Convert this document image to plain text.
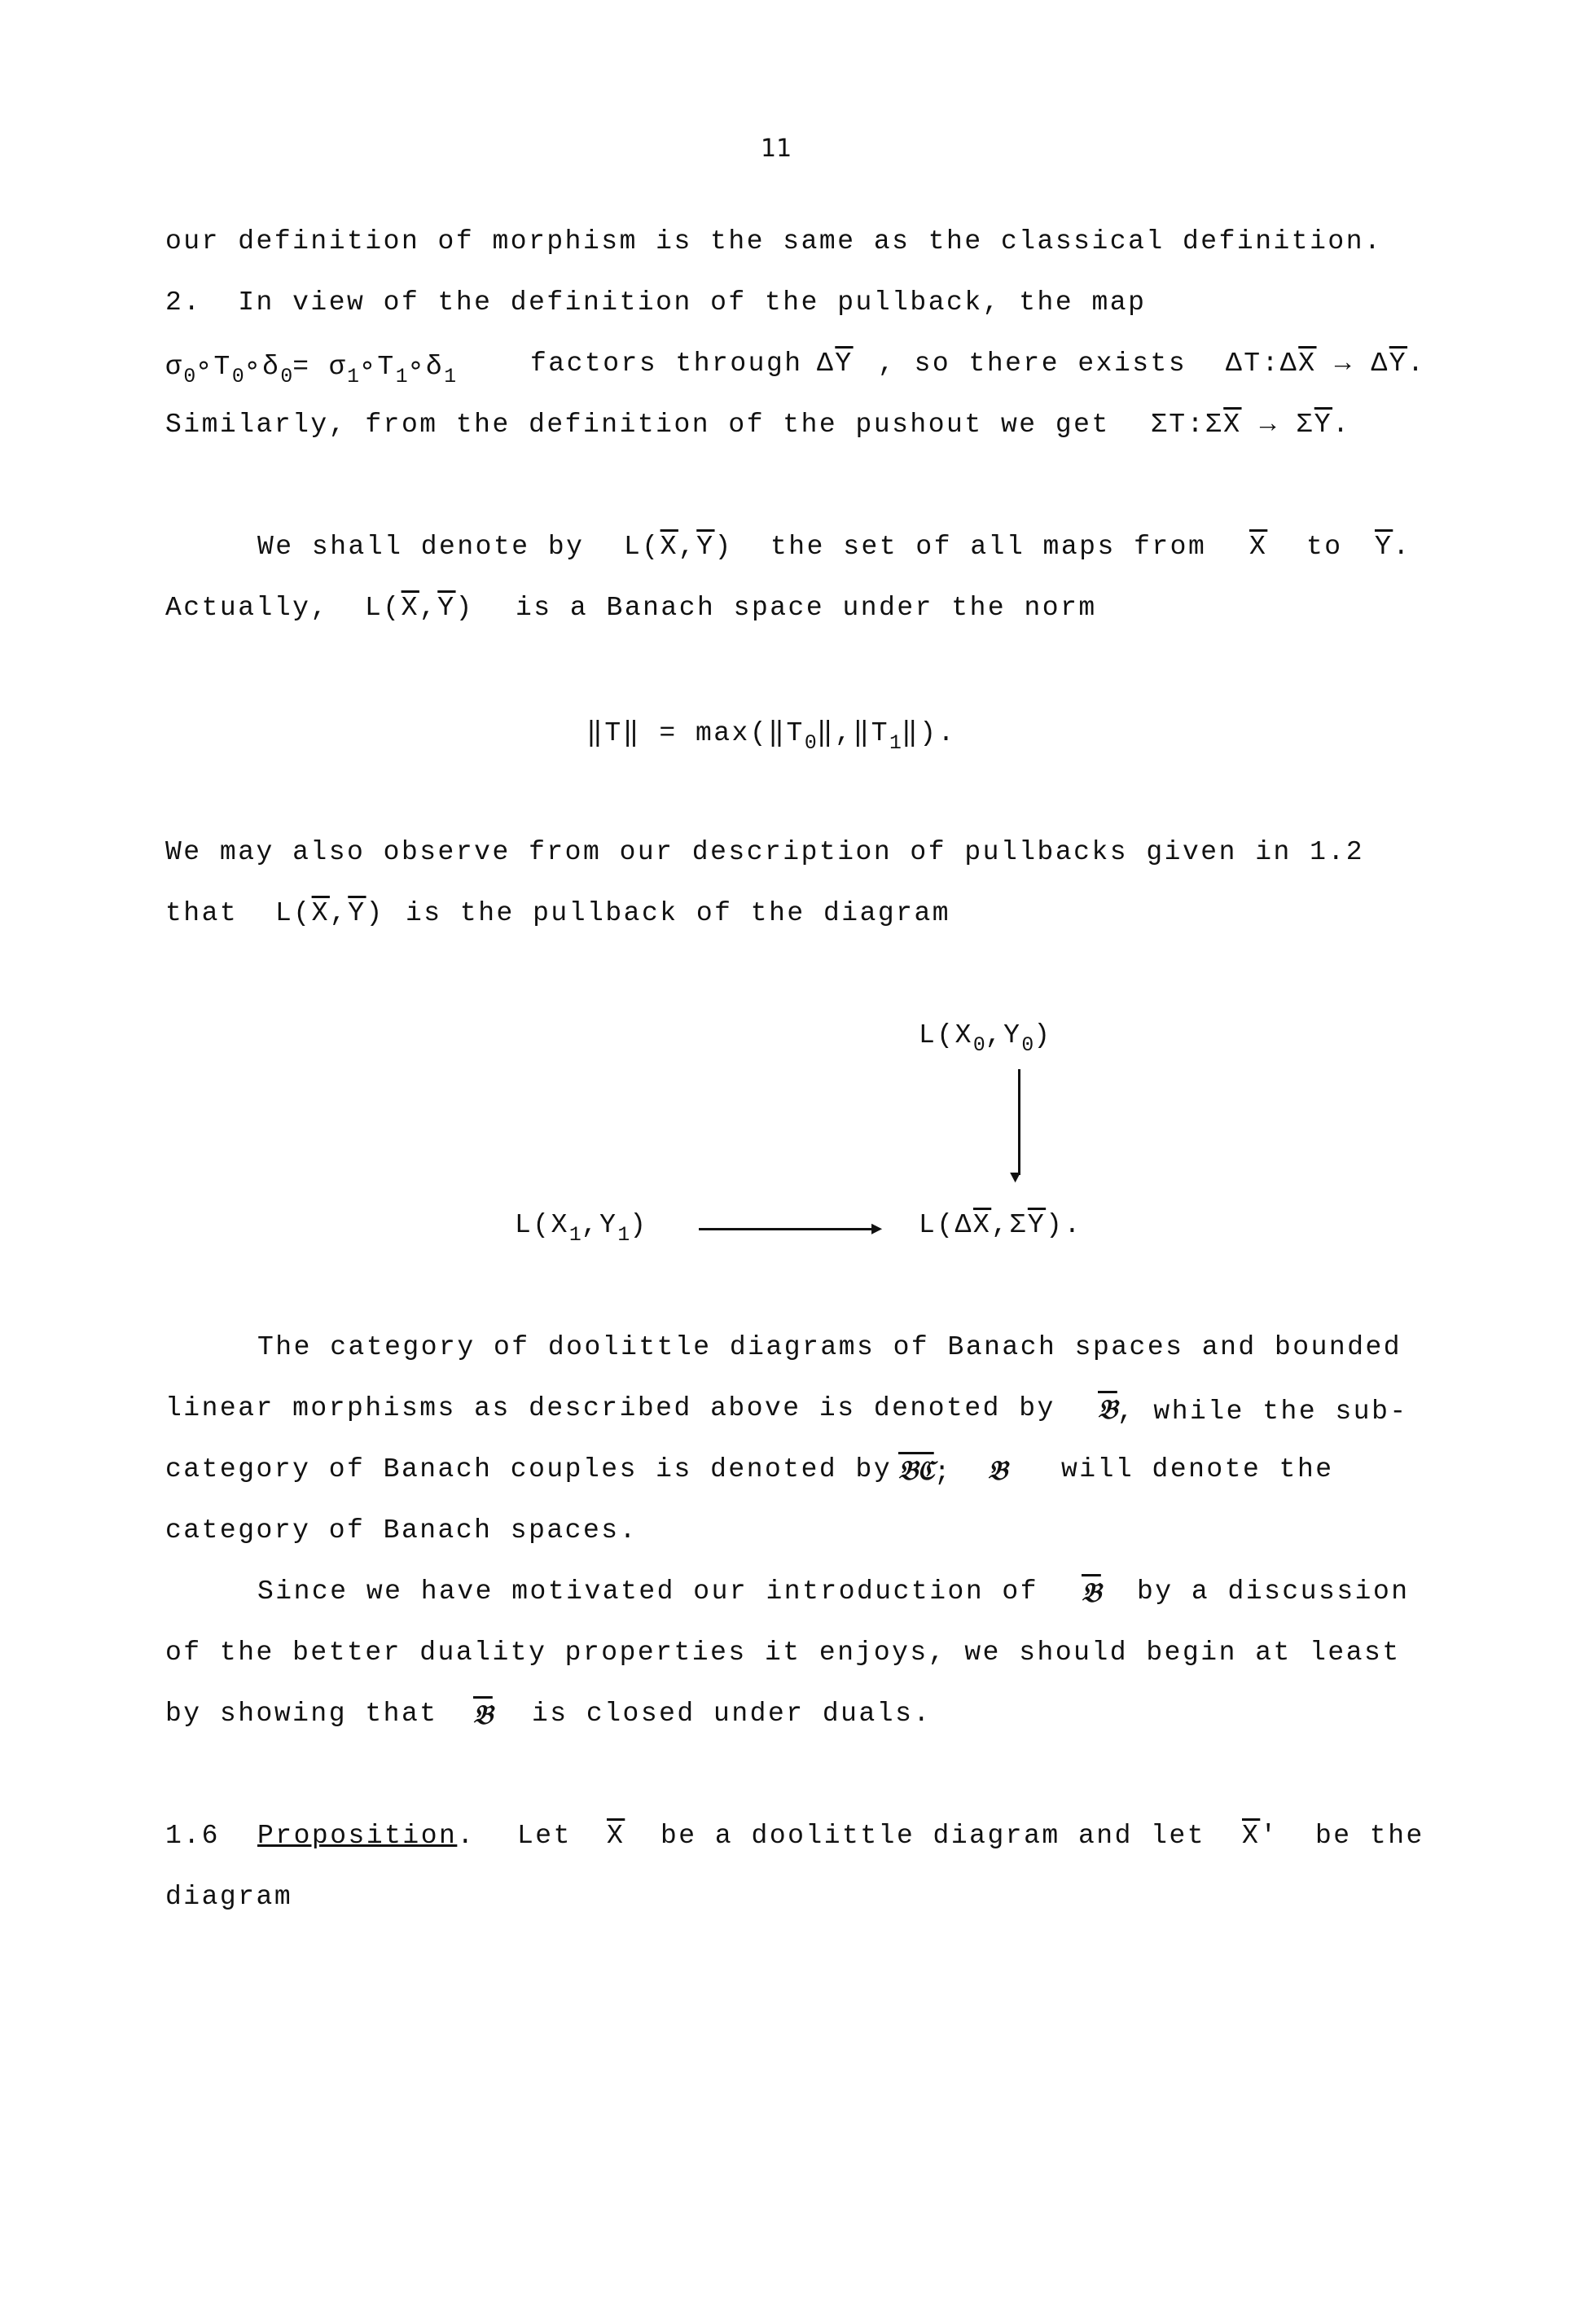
11
our definition of morphism is the same as the classical definition.
2.  In view of the definition of the pullback, the map
$\sigma_0\circ T_0\circ\delta_0=$ $\sigma_1\circ T_1\circ\delta_1$	factors through $\Delta\overline{Y}$ , so there exists $\Delta T:\Delta\overline{X} \to \Delta\overline{Y}$.
Similarly, from the definition of the pushout we get $\Sigma T:\Sigma\overline{X} \to \Sigma\overline{Y}$.
We shall denote by $L(\overline{X},\overline{Y})$ the set of all maps from $\overline{X}$ to $\overline{Y}$.
Actually, $L(\overline{X},\overline{Y})$ is a Banach space under the norm
‖T‖ = $\max(‖T_0‖,‖T_1‖)$.
We may also observe from our description of pullbacks given in 1.2
that $L(\overline{X},\overline{Y})$ is the pullback of the diagram
$L(X_0,Y_0)$
▼
$L(X_1,Y_1)$	▶ $L(\Delta\overline{X},\Sigma\overline{Y})$.
The category of doolittle diagrams of Banach spaces and bounded
linear morphisms as described above is denoted by 𝔅, while the sub-
category of Banach couples is denoted by 𝔅ℭ; 𝔅 will denote the
category of Banach spaces.
Since we have motivated our introduction of 𝔅 by a discussion
of the better duality properties it enjoys, we should begin at least
by showing that 𝔅 is closed under duals.
1.6 Proposition. Let $\overline{X}$ be a doolittle diagram and let $\overline{X}'$ be the
diagram
